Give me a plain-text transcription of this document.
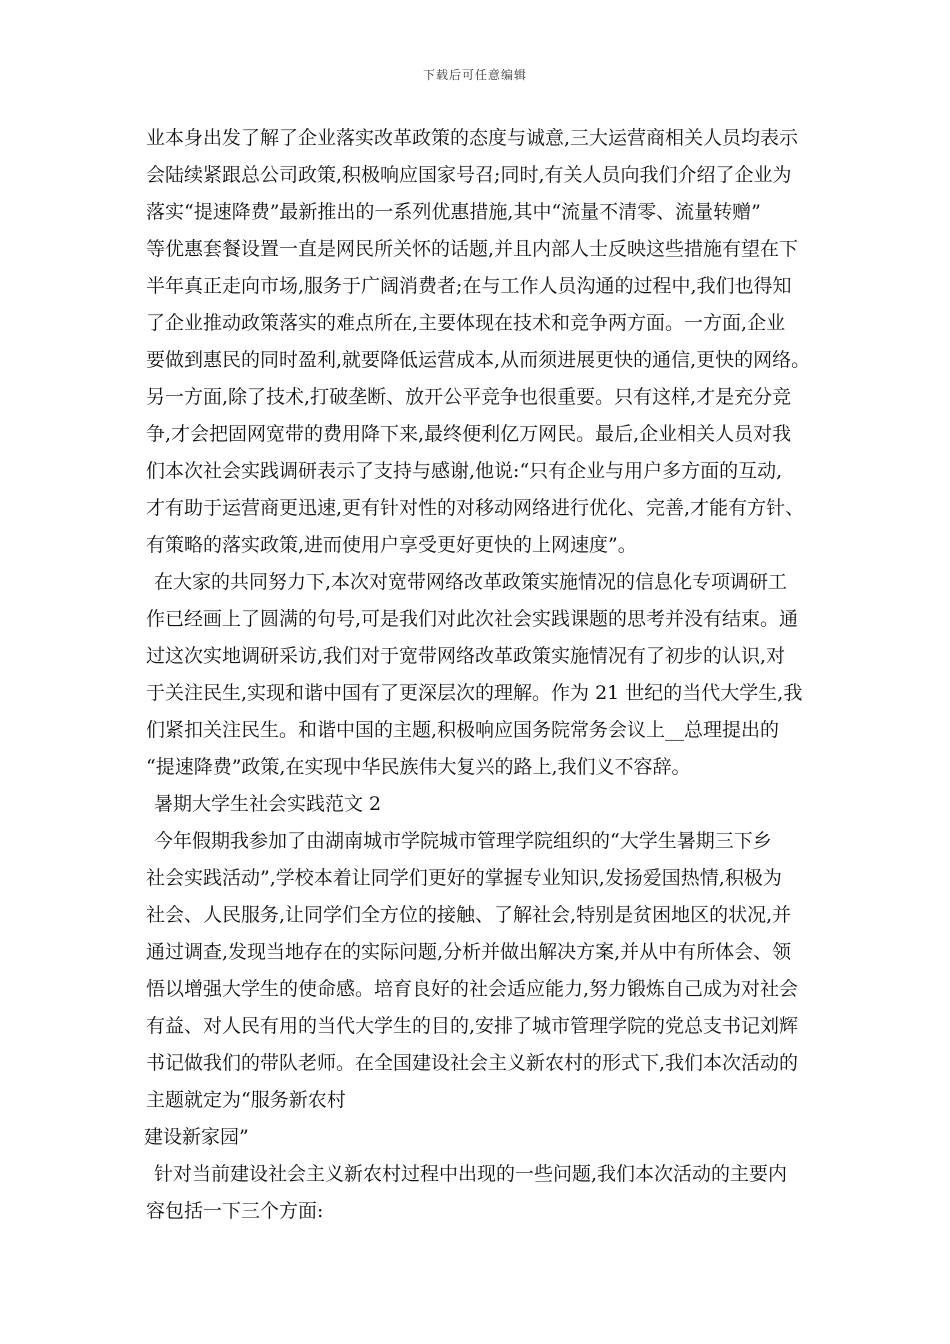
下载后可任意编辑
业本身出发了解了企业落实改革政策的态度与诚意,三大运营商相关人员均表示
会陆续紧跟总公司政策,积极响应国家号召;同时,有关人员向我们介绍了企业为
落实“提速降费”最新推出的一系列优惠措施,其中“流量不清零、流量转赠”
等优惠套餐设置一直是网民所关怀的话题,并且内部人士反映这些措施有望在下
半年真正走向市场,服务于广阔消费者;在与工作人员沟通的过程中,我们也得知
了企业推动政策落实的难点所在,主要体现在技术和竞争两方面。一方面,企业
要做到惠民的同时盈利,就要降低运营成本,从而须进展更快的通信,更快的网络。
另一方面,除了技术,打破垄断、放开公平竞争也很重要。只有这样,才是充分竞
争,才会把固网宽带的费用降下来,最终便利亿万网民。最后,企业相关人员对我
们本次社会实践调研表示了支持与感谢,他说:“只有企业与用户多方面的互动,
才有助于运营商更迅速,更有针对性的对移动网络进行优化、完善,才能有方针、
有策略的落实政策,进而使用户享受更好更快的上网速度”。
在大家的共同努力下,本次对宽带网络改革政策实施情况的信息化专项调研工
作已经画上了圆满的句号,可是我们对此次社会实践课题的思考并没有结束。通
过这次实地调研采访,我们对于宽带网络改革政策实施情况有了初步的认识,对
于关注民生,实现和谐中国有了更深层次的理解。作为 21 世纪的当代大学生,我
们紧扣关注民生。和谐中国的主题,积极响应国务院常务会议上__总理提出的
“提速降费”政策,在实现中华民族伟大复兴的路上,我们义不容辞。
暑期大学生社会实践范文 2
今年假期我参加了由湖南城市学院城市管理学院组织的“大学生暑期三下乡
社会实践活动”,学校本着让同学们更好的掌握专业知识,发扬爱国热情,积极为
社会、人民服务,让同学们全方位的接触、了解社会,特别是贫困地区的状况,并
通过调查,发现当地存在的实际问题,分析并做出解决方案,并从中有所体会、领
悟以增强大学生的使命感。培育良好的社会适应能力,努力锻炼自己成为对社会
有益、对人民有用的当代大学生的目的,安排了城市管理学院的党总支书记刘辉
书记做我们的带队老师。在全国建设社会主义新农村的形式下,我们本次活动的
主题就定为“服务新农村
建设新家园”
针对当前建设社会主义新农村过程中出现的一些问题,我们本次活动的主要内
容包括一下三个方面:
